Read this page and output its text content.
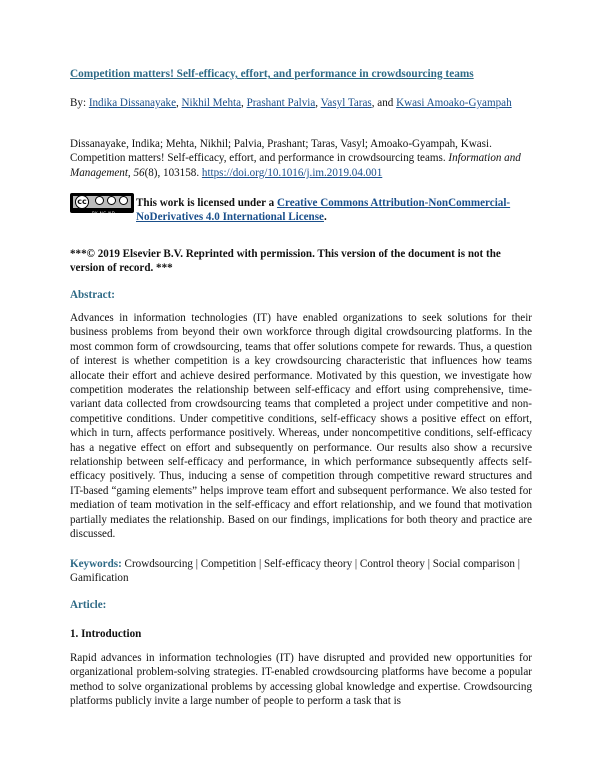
Competition matters! Self-efficacy, effort, and performance in crowdsourcing teams
By: Indika Dissanayake, Nikhil Mehta, Prashant Palvia, Vasyl Taras, and Kwasi Amoako-Gyampah
Dissanayake, Indika; Mehta, Nikhil; Palvia, Prashant; Taras, Vasyl; Amoako-Gyampah, Kwasi. Competition matters! Self-efficacy, effort, and performance in crowdsourcing teams. Information and Management, 56(8), 103158. https://doi.org/10.1016/j.im.2019.04.001
cc
BY NC ND
This work is licensed under a Creative Commons Attribution-NonCommercial-NoDerivatives 4.0 International License.
***© 2019 Elsevier B.V. Reprinted with permission. This version of the document is not the version of record. ***
Abstract:
Advances in information technologies (IT) have enabled organizations to seek solutions for their business problems from beyond their own workforce through digital crowdsourcing platforms. In the most common form of crowdsourcing, teams that offer solutions compete for rewards. Thus, a question of interest is whether competition is a key crowdsourcing characteristic that influences how teams allocate their effort and achieve desired performance. Motivated by this question, we investigate how competition moderates the relationship between self-efficacy and effort using comprehensive, time-variant data collected from crowdsourcing teams that completed a project under competitive and non-competitive conditions. Under competitive conditions, self-efficacy shows a positive effect on effort, which in turn, affects performance positively. Whereas, under noncompetitive conditions, self-efficacy has a negative effect on effort and subsequently on performance. Our results also show a recursive relationship between self-efficacy and performance, in which performance subsequently affects self-efficacy positively. Thus, inducing a sense of competition through competitive reward structures and IT-based “gaming elements” helps improve team effort and subsequent performance. We also tested for mediation of team motivation in the self-efficacy and effort relationship, and we found that motivation partially mediates the relationship. Based on our findings, implications for both theory and practice are discussed.
Keywords: Crowdsourcing | Competition | Self-efficacy theory | Control theory | Social comparison | Gamification
Article:
1. Introduction
Rapid advances in information technologies (IT) have disrupted and provided new opportunities for organizational problem-solving strategies. IT-enabled crowdsourcing platforms have become a popular method to solve organizational problems by accessing global knowledge and expertise. Crowdsourcing platforms publicly invite a large number of people to perform a task that is
